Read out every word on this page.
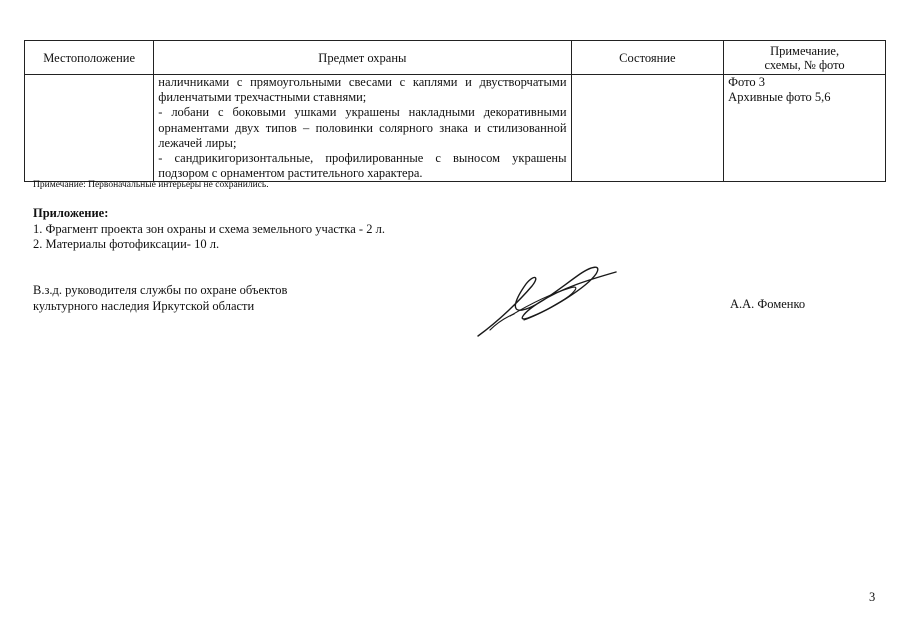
Местоположение	Предмет охраны	Состояние	Примечание,
схемы, № фото

	наличниками с прямоугольными свесами с каплями и двустворчатыми филенчатыми трехчастными ставнями;
- лобани с боковыми ушками украшены накладными декоративными орнаментами двух типов – половинки солярного знака и стилизованной лежачей лиры;
- сандрикигоризонтальные, профилированные с выносом украшены подзором с орнаментом растительного характера.		Фото 3
Архивные фото 5,6
Примечание: Первоначальные интерьеры не сохранились.
Приложение:
1. Фрагмент проекта зон охраны и схема земельного участка - 2 л.
2. Материалы фотофиксации- 10 л.
В.з.д. руководителя службы по охране объектов
культурного наследия Иркутской области	А.А. Фоменко
3
